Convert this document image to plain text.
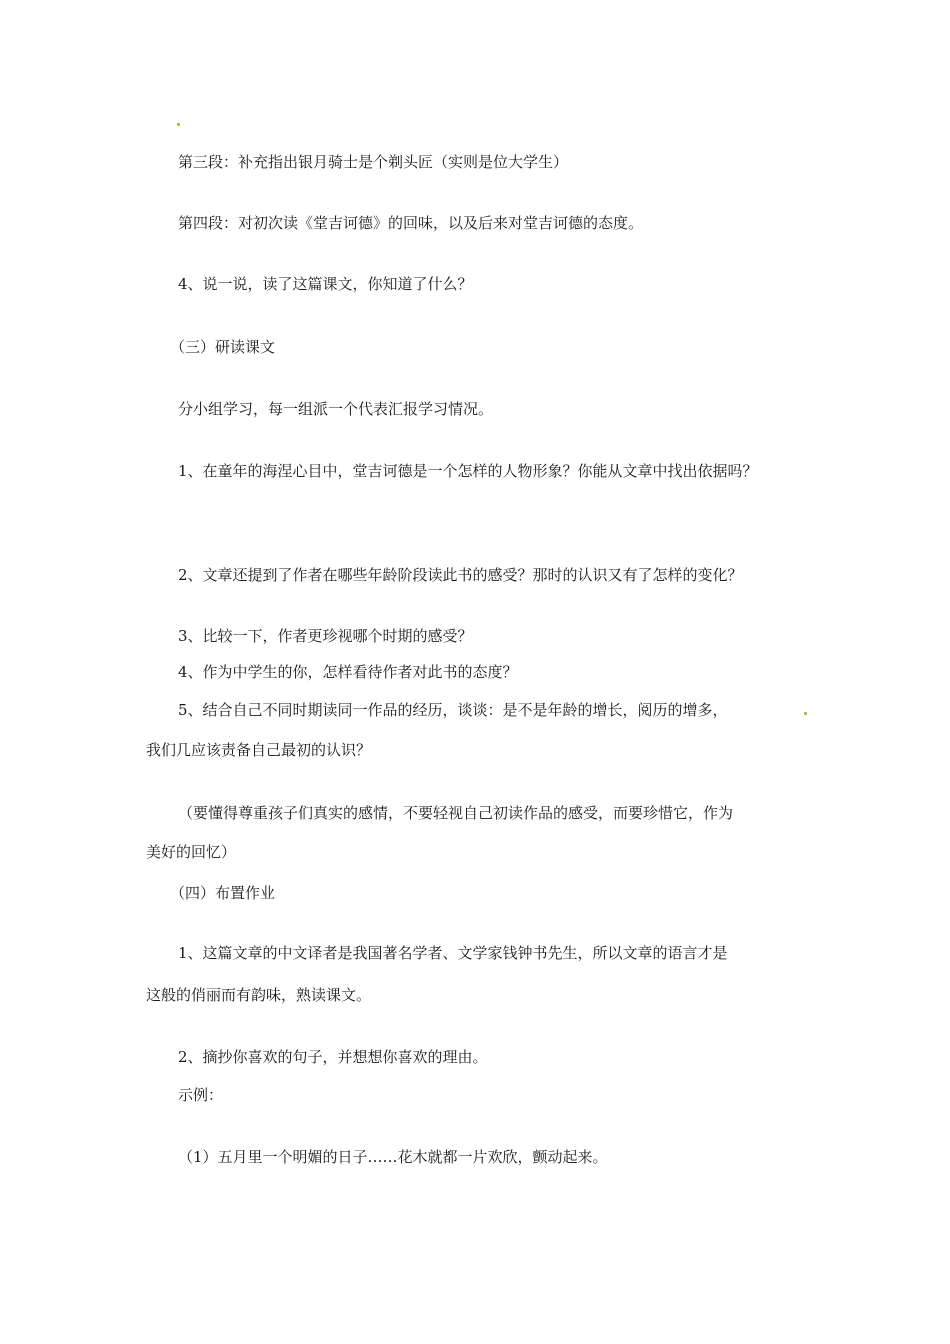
第三段：补充指出银月骑士是个剃头匠（实则是位大学生）
第四段：对初次读《堂吉诃德》的回味，以及后来对堂吉诃德的态度。
4、说一说，读了这篇课文，你知道了什么？
（三）研读课文
分小组学习，每一组派一个代表汇报学习情况。
1、在童年的海涅心目中，堂吉诃德是一个怎样的人物形象？你能从文章中找出依据吗？
2、文章还提到了作者在哪些年龄阶段读此书的感受？那时的认识又有了怎样的变化？
3、比较一下，作者更珍视哪个时期的感受？
4、作为中学生的你，怎样看待作者对此书的态度？
5、结合自己不同时期读同一作品的经历，谈谈：是不是年龄的增长，阅历的增多，
我们几应该责备自己最初的认识？
（要懂得尊重孩子们真实的感情，不要轻视自己初读作品的感受，而要珍惜它，作为
美好的回忆）
（四）布置作业
1、这篇文章的中文译者是我国著名学者、文学家钱钟书先生，所以文章的语言才是
这般的俏丽而有韵味，熟读课文。
2、摘抄你喜欢的句子，并想想你喜欢的理由。
示例：
（1）五月里一个明媚的日子……花木就都一片欢欣，颤动起来。
